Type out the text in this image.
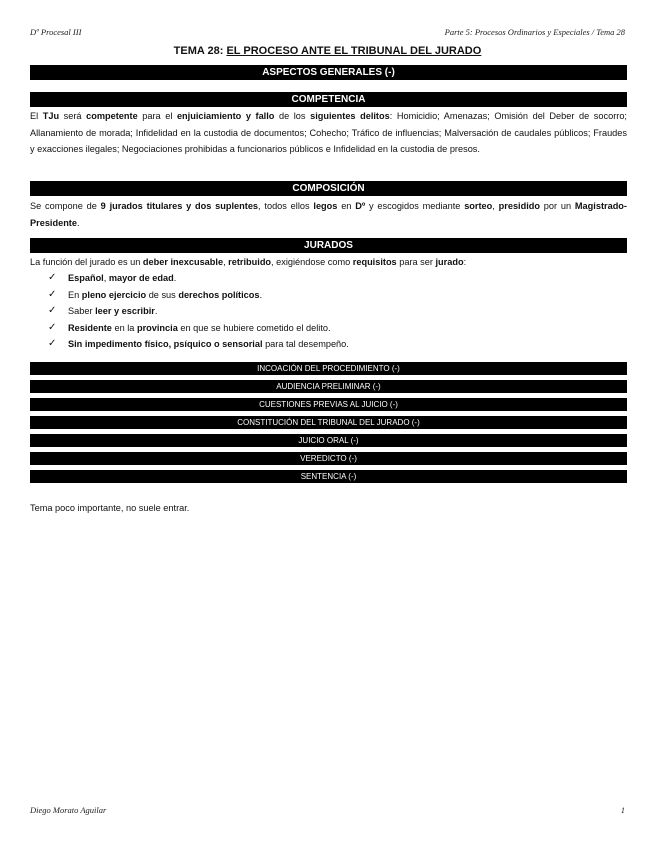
Dº Procesal III	Parte 5: Procesos Ordinarios y Especiales / Tema 28
TEMA 28: EL PROCESO ANTE EL TRIBUNAL DEL JURADO
ASPECTOS GENERALES (-)
COMPETENCIA
El TJu será competente para el enjuiciamiento y fallo de los siguientes delitos: Homicidio; Amenazas; Omisión del Deber de socorro; Allanamiento de morada; Infidelidad en la custodia de documentos; Cohecho; Tráfico de influencias; Malversación de caudales públicos; Fraudes y exacciones ilegales; Negociaciones prohibidas a funcionarios públicos e Infidelidad en la custodia de presos.
COMPOSICIÓN
Se compone de 9 jurados titulares y dos suplentes, todos ellos legos en Dº y escogidos mediante sorteo, presidido por un Magistrado-Presidente.
JURADOS
La función del jurado es un deber inexcusable, retribuido, exigiéndose como requisitos para ser jurado:
✓ Español, mayor de edad.
✓ En pleno ejercicio de sus derechos políticos.
✓ Saber leer y escribir.
✓ Residente en la provincia en que se hubiere cometido el delito.
✓ Sin impedimento físico, psíquico o sensorial para tal desempeño.
INCOACIÓN DEL PROCEDIMIENTO (-)
AUDIENCIA PRELIMINAR (-)
CUESTIONES PREVIAS AL JUICIO (-)
CONSTITUCIÓN DEL TRIBUNAL DEL JURADO (-)
JUICIO ORAL (-)
VEREDICTO (-)
SENTENCIA (-)
Tema poco importante, no suele entrar.
Diego Morato Aguilar	1
